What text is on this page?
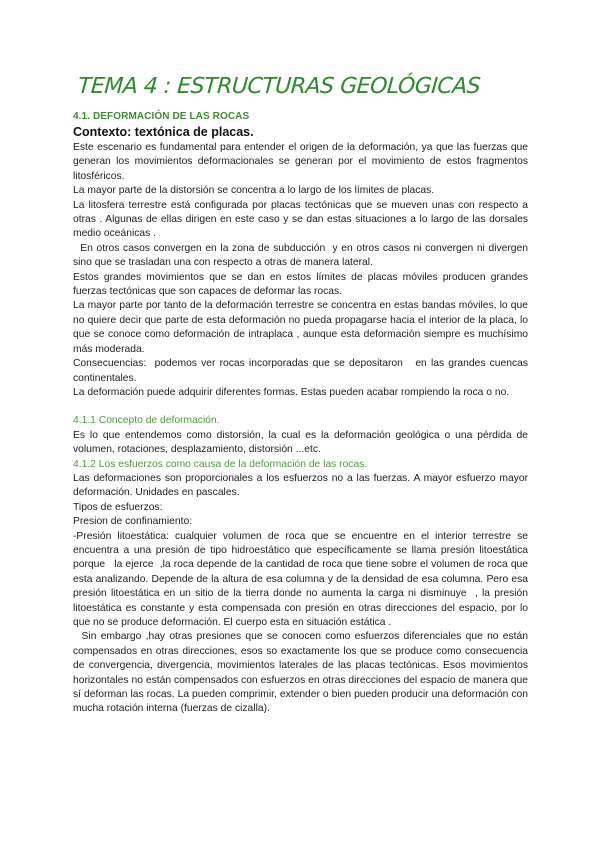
TEMA 4 : ESTRUCTURAS GEOLÓGICAS
4.1. DEFORMACIÓN DE LAS ROCAS
Contexto: textónica de placas.

Este escenario es fundamental para entender el origen de la deformación, ya que las fuerzas que generan los movimientos deformacionales se generan por el movimiento de estos fragmentos litosféricos.

La mayor parte de la distorsión se concentra a lo largo de los límites de placas.

La litosfera terrestre está configurada por placas tectónicas que se mueven unas con respecto a otras . Algunas de ellas dirigen en este caso y se dan estas situaciones a lo largo de las dorsales medio oceánicas .

En otros casos convergen en la zona de subducción  y en otros casos ni convergen ni divergen sino que se trasladan una con respecto a otras de manera lateral.

Estos grandes movimientos que se dan en estos límites de placas móviles producen grandes fuerzas tectónicas que son capaces de deformar las rocas.

La mayor parte por tanto de la deformación terrestre se concentra en estas bandas móviles, lo que no quiere decir que parte de esta deformación no pueda propagarse hacia el interior de la placa, lo que se conoce como deformación de intraplaca , aunque esta deformación siempre es muchísimo más moderada.

Consecuencias:  podemos ver rocas incorporadas que se depositaron   en las grandes cuencas continentales.

La deformación puede adquirir diferentes formas. Estas pueden acabar rompiendo la roca o no.

4.1.1 Concepto de deformación.

Es lo que entendemos como distorsión, la cual es la deformación geológica o una pérdida de volumen, rotaciones, desplazamiento, distorsión ...etc.

4.1.2 Los esfuerzos como causa de la deformación de las rocas.

Las deformaciones son proporcionales a los esfuerzos no a las fuerzas. A mayor esfuerzo mayor deformación. Unidades en pascales.

Tipos de esfuerzos:

Presion de confinamiento:

-Presión litoestática: cualquier volumen de roca que se encuentre en el interior terrestre se encuentra a una presión de tipo hidroestático que específicamente se llama presión litoestática porque   la ejerce  ,la roca depende de la cantidad de roca que tiene sobre el volumen de roca que esta analizando. Depende de la altura de esa columna y de la densidad de esa columna. Pero esa presión litoestática en un sitio de la tierra donde no aumenta la carga ni disminuye  , la presión litoestática es constante y esta compensada con presión en otras direcciones del espacio, por lo que no se produce deformación. El cuerpo esta en situación estática .

Sin embargo ,hay otras presiones que se conocen como esfuerzos diferenciales que no están compensados en otras direcciones, esos so exactamente los que se produce como consecuencia de convergencia, divergencia, movimientos laterales de las placas tectónicas. Esos movimientos horizontales no están compensados con esfuerzos en otras direcciones del espacio de manera que sí deforman las rocas. La pueden comprimir, extender o bien pueden producir una deformación con mucha rotación interna (fuerzas de cizalla).
